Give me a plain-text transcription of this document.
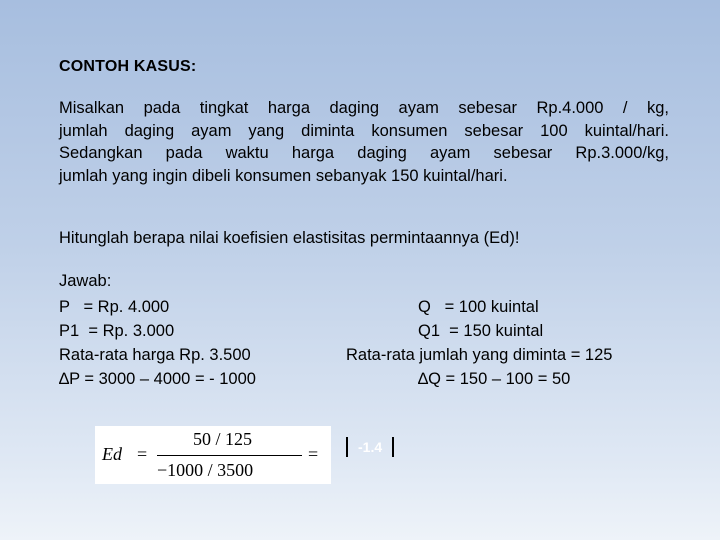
CONTOH KASUS:
Misalkan pada tingkat harga daging ayam sebesar Rp.4.000 / kg,
jumlah daging ayam yang diminta konsumen sebesar 100 kuintal/hari.
Sedangkan pada waktu harga daging ayam sebesar Rp.3.000/kg,
jumlah yang ingin dibeli konsumen sebanyak 150 kuintal/hari.
Hitunglah berapa nilai koefisien elastisitas permintaannya (Ed)!
Jawab:
P   = Rp. 4.000
P1  = Rp. 3.000
Rata-rata harga Rp. 3.500
∆P = 3000 – 4000 = - 1000
Q   = 100 kuintal
Q1  = 150 kuintal
Rata-rata jumlah yang diminta = 125
∆Q = 150 – 100 = 50
Ed =
50 / 125
−1000 / 3500
=	-1.4
